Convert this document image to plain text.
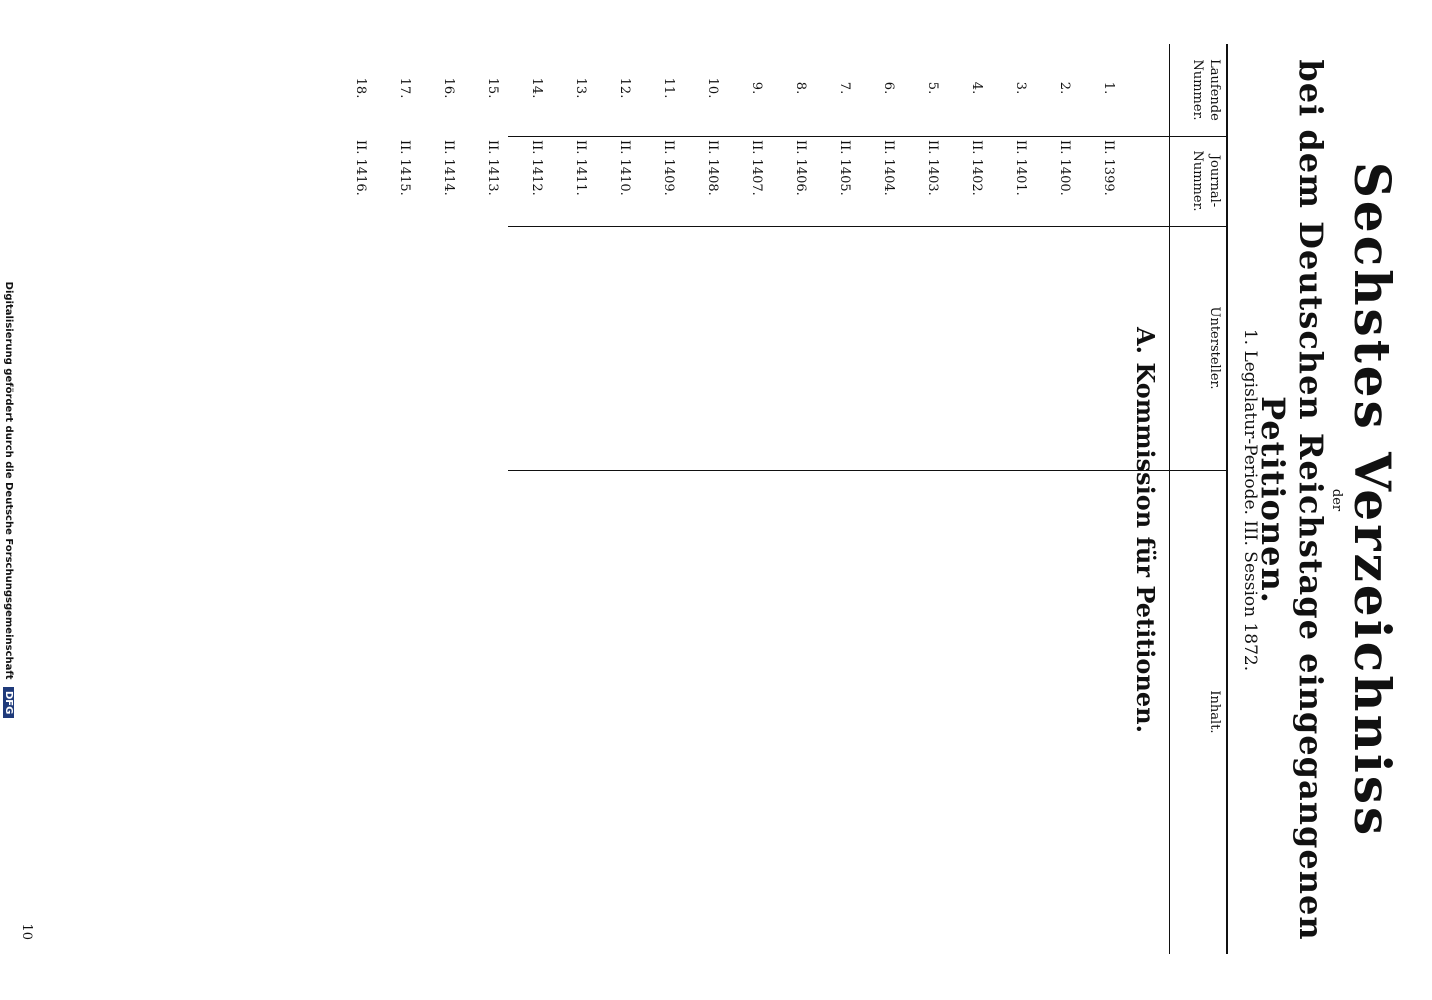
Sechstes Verzeichniss
der
bei dem Deutschen Reichstage eingegangenen Petitionen.
1. Legislatur-Periode. III. Session 1872.
Laufende Nummer.
Journal-Nummer.
Untersteller.
Inhalt.
A. Kommission für Petitionen.
1.
II. 1399.
2.
II. 1400.
3.
II. 1401.
4.
II. 1402.
5.
II. 1403.
6.
II. 1404.
7.
II. 1405.
8.
II. 1406.
9.
II. 1407.
10.
II. 1408.
11.
II. 1409.
12.
II. 1410.
13.
II. 1411.
14.
II. 1412.
15.
II. 1413.
16.
II. 1414.
17.
II. 1415.
18.
II. 1416.
10
Digitalisierung gefördert durch die Deutsche Forschungsgemeinschaft DFG
